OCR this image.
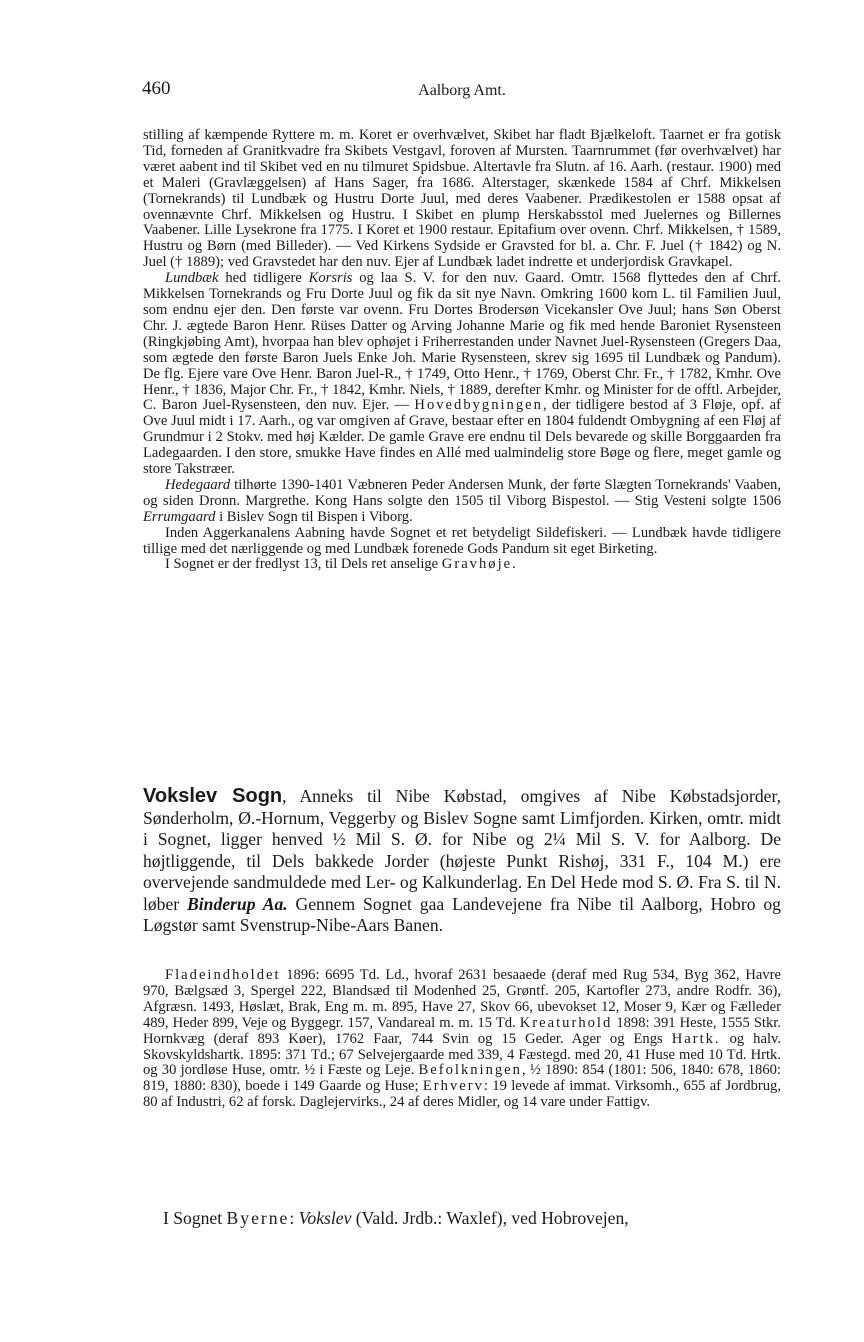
460	Aalborg Amt.

stilling af kæmpende Ryttere m. m. Koret er overhvælvet, Skibet har fladt Bjælkeloft. Taarnet er fra gotisk Tid, forneden af Granitkvadre fra Skibets Vestgavl, foroven af Mursten. Taarnrummet (før overhvælvet) har været aabent ind til Skibet ved en nu tilmuret Spidsbue. Altertavle fra Slutn. af 16. Aarh. (restaur. 1900) med et Maleri (Gravlæggelsen) af Hans Sager, fra 1686. Alterstager, skænkede 1584 af Chrf. Mikkelsen (Tornekrands) til Lundbæk og Hustru Dorte Juul, med deres Vaabener. Prædikestolen er 1588 opsat af ovennævnte Chrf. Mikkelsen og Hustru. I Skibet en plump Herskabsstol med Juelernes og Billernes Vaabener. Lille Lysekrone fra 1775. I Koret et 1900 restaur. Epitafium over ovenn. Chrf. Mikkelsen, † 1589, Hustru og Børn (med Billeder). — Ved Kirkens Sydside er Gravsted for bl. a. Chr. F. Juel († 1842) og N. Juel († 1889); ved Gravstedet har den nuv. Ejer af Lundbæk ladet indrette et underjordisk Gravkapel.

Lundbæk hed tidligere Korsris og laa S. V. for den nuv. Gaard. Omtr. 1568 flyttedes den af Chrf. Mikkelsen Tornekrands og Fru Dorte Juul og fik da sit nye Navn. Omkring 1600 kom L. til Familien Juul, som endnu ejer den. Den første var ovenn. Fru Dortes Brodersøn Vicekansler Ove Juul; hans Søn Oberst Chr. J. ægtede Baron Henr. Rüses Datter og Arving Johanne Marie og fik med hende Baroniet Rysensteen (Ringkjøbing Amt), hvorpaa han blev ophøjet i Friherrestanden under Navnet Juel-Rysensteen (Gregers Daa, som ægtede den første Baron Juels Enke Joh. Marie Rysensteen, skrev sig 1695 til Lundbæk og Pandum). De flg. Ejere vare Ove Henr. Baron Juel-R., † 1749, Otto Henr., † 1769, Oberst Chr. Fr., † 1782, Kmhr. Ove Henr., † 1836, Major Chr. Fr., † 1842, Kmhr. Niels, † 1889, derefter Kmhr. og Minister for de offtl. Arbejder, C. Baron Juel-Rysensteen, den nuv. Ejer. — Hovedbygningen, der tidligere bestod af 3 Fløje, opf. af Ove Juul midt i 17. Aarh., og var omgiven af Grave, bestaar efter en 1804 fuldendt Ombygning af een Fløj af Grundmur i 2 Stokv. med høj Kælder. De gamle Grave ere endnu til Dels bevarede og skille Borggaarden fra Ladegaarden. I den store, smukke Have findes en Allé med ualmindelig store Bøge og flere, meget gamle og store Takstræer.

Hedegaard tilhørte 1390-1401 Væbneren Peder Andersen Munk, der førte Slægten Tornekrands' Vaaben, og siden Dronn. Margrethe. Kong Hans solgte den 1505 til Viborg Bispestol. — Stig Vesteni solgte 1506 Errumgaard i Bislev Sogn til Bispen i Viborg.

Inden Aggerkanalens Aabning havde Sognet et ret betydeligt Sildefiskeri. — Lundbæk havde tidligere tillige med det nærliggende og med Lundbæk forenede Gods Pandum sit eget Birketing.

I Sognet er der fredlyst 13, til Dels ret anselige Gravhøje.

Vokslev Sogn, Anneks til Nibe Købstad, omgives af Nibe Købstadsjorder, Sønderholm, Ø.-Hornum, Veggerby og Bislev Sogne samt Limfjorden. Kirken, omtr. midt i Sognet, ligger henved ½ Mil S. Ø. for Nibe og 2¼ Mil S. V. for Aalborg. De højtliggende, til Dels bakkede Jorder (højeste Punkt Rishøj, 331 F., 104 M.) ere overvejende sandmuldede med Ler- og Kalkunderlag. En Del Hede mod S. Ø. Fra S. til N. løber Binderup Aa. Gennem Sognet gaa Landevejene fra Nibe til Aalborg, Hobro og Løgstør samt Svenstrup-Nibe-Aars Banen.

Fladeindholdet 1896: 6695 Td. Ld., hvoraf 2631 besaaede (deraf med Rug 534, Byg 362, Havre 970, Bælgsæd 3, Spergel 222, Blandsæd til Modenhed 25, Grøntf. 205, Kartofler 273, andre Rodfr. 36), Afgræsn. 1493, Høslæt, Brak, Eng m. m. 895, Have 27, Skov 66, ubevokset 12, Moser 9, Kær og Fælleder 489, Heder 899, Veje og Byggegr. 157, Vandareal m. m. 15 Td. Kreaturhold 1898: 391 Heste, 1555 Stkr. Hornkvæg (deraf 893 Køer), 1762 Faar, 744 Svin og 15 Geder. Ager og Engs Hartk. og halv. Skovskyldshartk. 1895: 371 Td.; 67 Selvejergaarde med 339, 4 Fæstegd. med 20, 41 Huse med 10 Td. Hrtk. og 30 jordløse Huse, omtr. ½ i Fæste og Leje. Befolkningen, ½ 1890: 854 (1801: 506, 1840: 678, 1860: 819, 1880: 830), boede i 149 Gaarde og Huse; Erhverv: 19 levede af immat. Virksomh., 655 af Jordbrug, 80 af Industri, 62 af forsk. Daglejervirks., 24 af deres Midler, og 14 vare under Fattigv.

I Sognet Byerne: Vokslev (Vald. Jrdb.: Waxlef), ved Hobrovejen,
